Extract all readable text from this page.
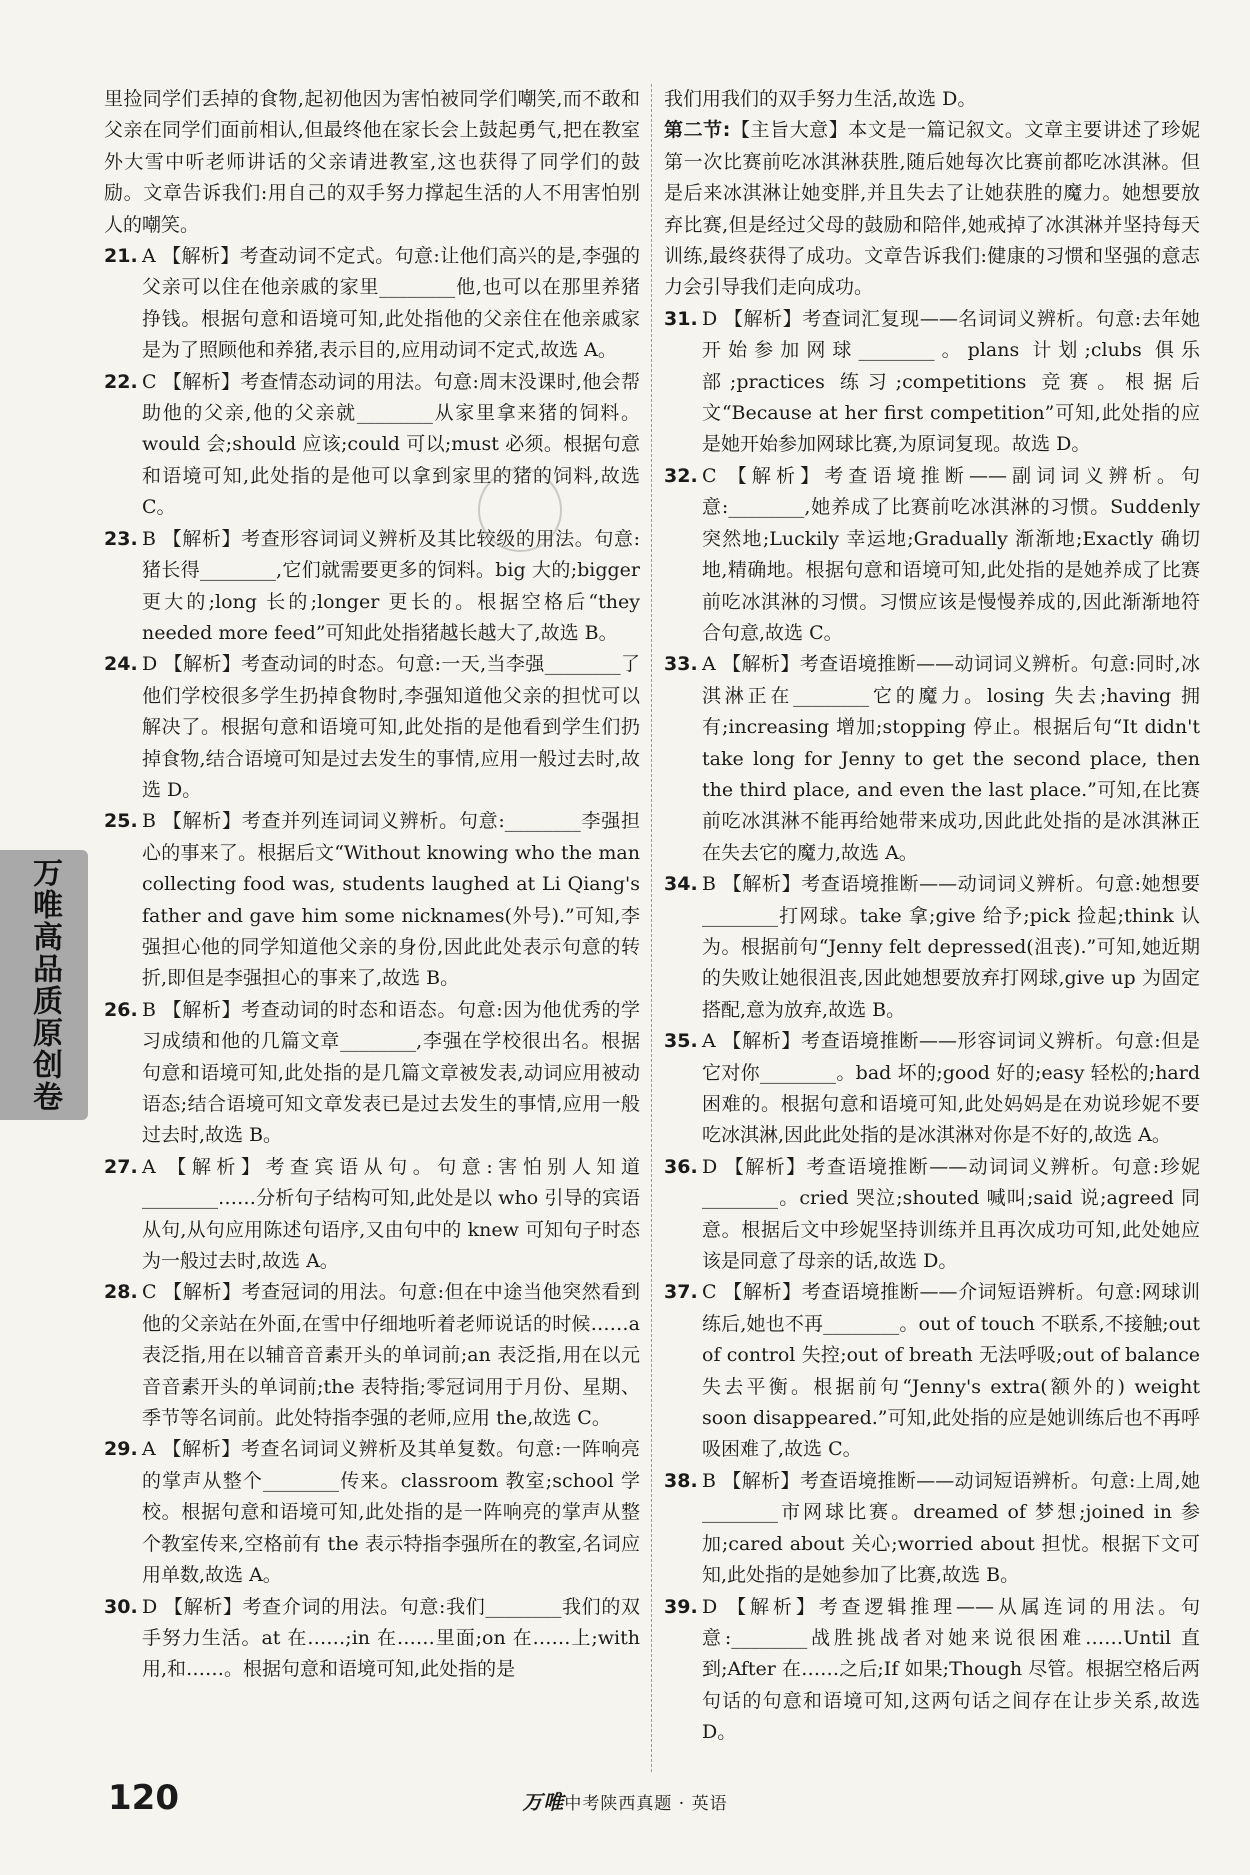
里捡同学们丢掉的食物,起初他因为害怕被同学们嘲笑,而不敢和父亲在同学们面前相认,但最终他在家长会上鼓起勇气,把在教室外大雪中听老师讲话的父亲请进教室,这也获得了同学们的鼓励。文章告诉我们:用自己的双手努力撑起生活的人不用害怕别人的嘲笑。

21. A 【解析】考查动词不定式。句意:让他们高兴的是,李强的父亲可以住在他亲戚的家里________他,也可以在那里养猪挣钱。根据句意和语境可知,此处指他的父亲住在他亲戚家是为了照顾他和养猪,表示目的,应用动词不定式,故选 A。

22. C 【解析】考查情态动词的用法。句意:周末没课时,他会帮助他的父亲,他的父亲就________从家里拿来猪的饲料。would 会;should 应该;could 可以;must 必须。根据句意和语境可知,此处指的是他可以拿到家里的猪的饲料,故选 C。

23. B 【解析】考查形容词词义辨析及其比较级的用法。句意:猪长得________,它们就需要更多的饲料。big 大的;bigger 更大的;long 长的;longer 更长的。根据空格后“they needed more feed”可知此处指猪越长越大了,故选 B。

24. D 【解析】考查动词的时态。句意:一天,当李强________了他们学校很多学生扔掉食物时,李强知道他父亲的担忧可以解决了。根据句意和语境可知,此处指的是他看到学生们扔掉食物,结合语境可知是过去发生的事情,应用一般过去时,故选 D。

25. B 【解析】考查并列连词词义辨析。句意:________李强担心的事来了。根据后文“Without knowing who the man collecting food was, students laughed at Li Qiang's father and gave him some nicknames(外号).”可知,李强担心他的同学知道他父亲的身份,因此此处表示句意的转折,即但是李强担心的事来了,故选 B。

26. B 【解析】考查动词的时态和语态。句意:因为他优秀的学习成绩和他的几篇文章________,李强在学校很出名。根据句意和语境可知,此处指的是几篇文章被发表,动词应用被动语态;结合语境可知文章发表已是过去发生的事情,应用一般过去时,故选 B。

27. A 【解析】考查宾语从句。句意:害怕别人知道________……分析句子结构可知,此处是以 who 引导的宾语从句,从句应用陈述句语序,又由句中的 knew 可知句子时态为一般过去时,故选 A。

28. C 【解析】考查冠词的用法。句意:但在中途当他突然看到他的父亲站在外面,在雪中仔细地听着老师说话的时候……a 表泛指,用在以辅音音素开头的单词前;an 表泛指,用在以元音音素开头的单词前;the 表特指;零冠词用于月份、星期、季节等名词前。此处特指李强的老师,应用 the,故选 C。

29. A 【解析】考查名词词义辨析及其单复数。句意:一阵响亮的掌声从整个________传来。classroom 教室;school 学校。根据句意和语境可知,此处指的是一阵响亮的掌声从整个教室传来,空格前有 the 表示特指李强所在的教室,名词应用单数,故选 A。

30. D 【解析】考查介词的用法。句意:我们________我们的双手努力生活。at 在……;in 在……里面;on 在……上;with 用,和……。根据句意和语境可知,此处指的是

我们用我们的双手努力生活,故选 D。

第二节:【主旨大意】本文是一篇记叙文。文章主要讲述了珍妮第一次比赛前吃冰淇淋获胜,随后她每次比赛前都吃冰淇淋。但是后来冰淇淋让她变胖,并且失去了让她获胜的魔力。她想要放弃比赛,但是经过父母的鼓励和陪伴,她戒掉了冰淇淋并坚持每天训练,最终获得了成功。文章告诉我们:健康的习惯和坚强的意志力会引导我们走向成功。

31. D 【解析】考查词汇复现——名词词义辨析。句意:去年她开始参加网球________。plans 计划;clubs 俱乐部;practices 练习;competitions 竞赛。根据后文“Because at her first competition”可知,此处指的应是她开始参加网球比赛,为原词复现。故选 D。

32. C 【解析】考查语境推断——副词词义辨析。句意:________,她养成了比赛前吃冰淇淋的习惯。Suddenly 突然地;Luckily 幸运地;Gradually 渐渐地;Exactly 确切地,精确地。根据句意和语境可知,此处指的是她养成了比赛前吃冰淇淋的习惯。习惯应该是慢慢养成的,因此渐渐地符合句意,故选 C。

33. A 【解析】考查语境推断——动词词义辨析。句意:同时,冰淇淋正在________它的魔力。losing 失去;having 拥有;increasing 增加;stopping 停止。根据后句“It didn't take long for Jenny to get the second place, then the third place, and even the last place.”可知,在比赛前吃冰淇淋不能再给她带来成功,因此此处指的是冰淇淋正在失去它的魔力,故选 A。

34. B 【解析】考查语境推断——动词词义辨析。句意:她想要________打网球。take 拿;give 给予;pick 捡起;think 认为。根据前句“Jenny felt depressed(沮丧).”可知,她近期的失败让她很沮丧,因此她想要放弃打网球,give up 为固定搭配,意为放弃,故选 B。

35. A 【解析】考查语境推断——形容词词义辨析。句意:但是它对你________。bad 坏的;good 好的;easy 轻松的;hard 困难的。根据句意和语境可知,此处妈妈是在劝说珍妮不要吃冰淇淋,因此此处指的是冰淇淋对你是不好的,故选 A。

36. D 【解析】考查语境推断——动词词义辨析。句意:珍妮________。cried 哭泣;shouted 喊叫;said 说;agreed 同意。根据后文中珍妮坚持训练并且再次成功可知,此处她应该是同意了母亲的话,故选 D。

37. C 【解析】考查语境推断——介词短语辨析。句意:网球训练后,她也不再________。out of touch 不联系,不接触;out of control 失控;out of breath 无法呼吸;out of balance 失去平衡。根据前句“Jenny's extra(额外的) weight soon disappeared.”可知,此处指的应是她训练后也不再呼吸困难了,故选 C。

38. B 【解析】考查语境推断——动词短语辨析。句意:上周,她________市网球比赛。dreamed of 梦想;joined in 参加;cared about 关心;worried about 担忧。根据下文可知,此处指的是她参加了比赛,故选 B。

39. D 【解析】考查逻辑推理——从属连词的用法。句意:________战胜挑战者对她来说很困难……Until 直到;After 在……之后;If 如果;Though 尽管。根据空格后两句话的句意和语境可知,这两句话之间存在让步关系,故选 D。

万唯高品质原创卷
120	万唯中考陕西真题 · 英语
